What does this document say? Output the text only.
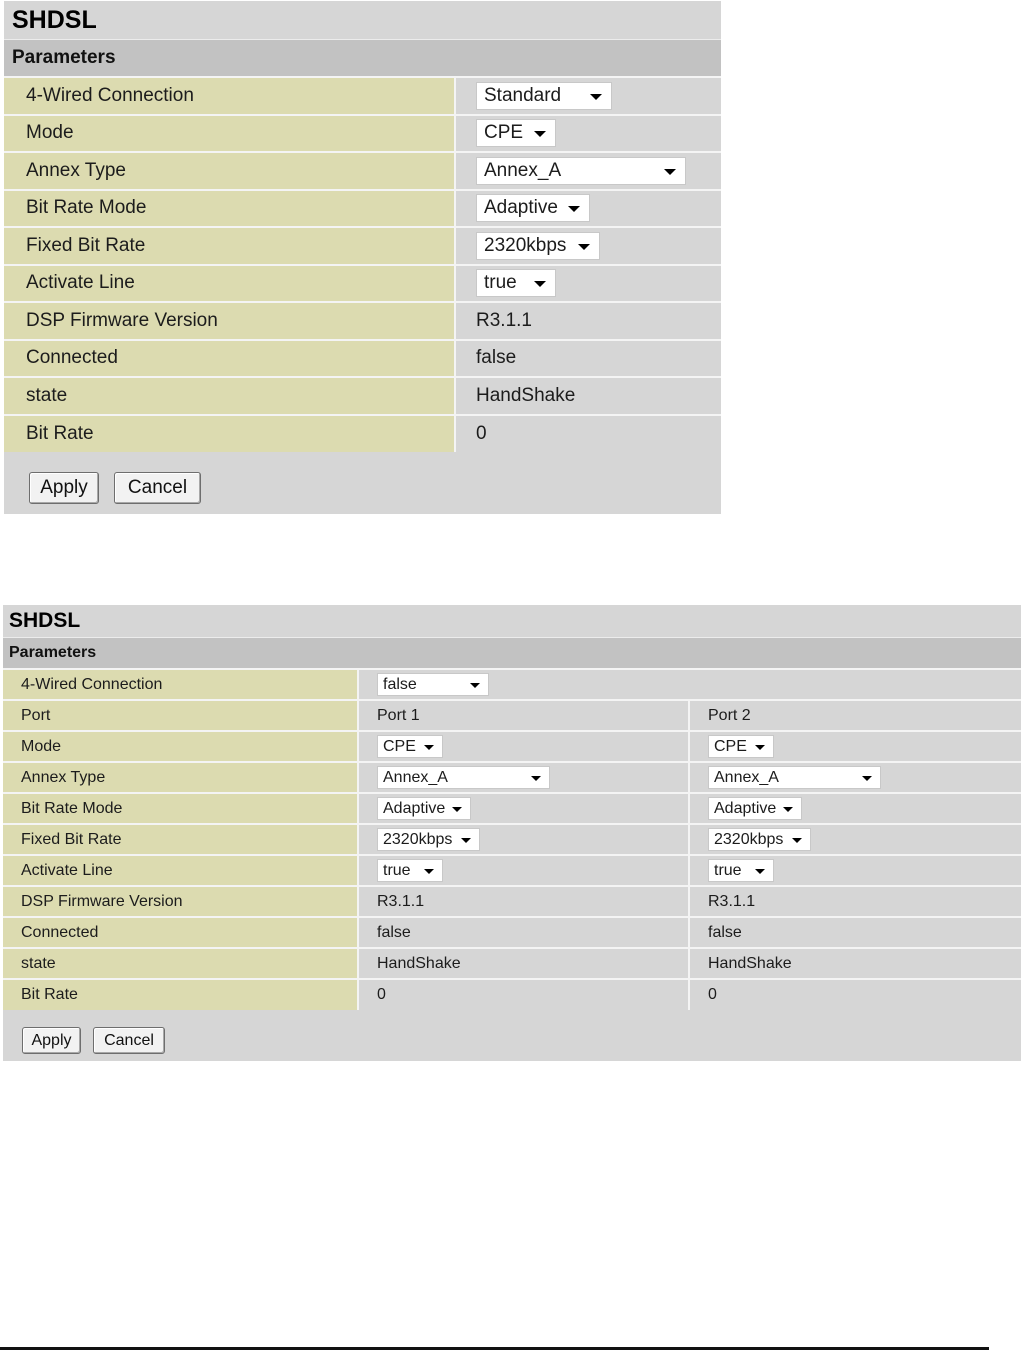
SHDSL
Parameters
4-Wired Connection	Standard

Mode	CPE

Annex Type	Annex_A

Bit Rate Mode	Adaptive

Fixed Bit Rate	2320kbps

Activate Line	true

DSP Firmware Version	R3.1.1
Connected	false
state	HandShake
Bit Rate	0
Apply	Cancel
SHDSL
Parameters
4-Wired Connection	false	

Port	Port 1	Port 2
Mode	CPE	CPE

Annex Type	Annex_A	Annex_A

Bit Rate Mode	Adaptive	Adaptive

Fixed Bit Rate	2320kbps	2320kbps

Activate Line	true	true

DSP Firmware Version	R3.1.1	R3.1.1
Connected	false	false
state	HandShake	HandShake
Bit Rate	0	0
Apply	Cancel
